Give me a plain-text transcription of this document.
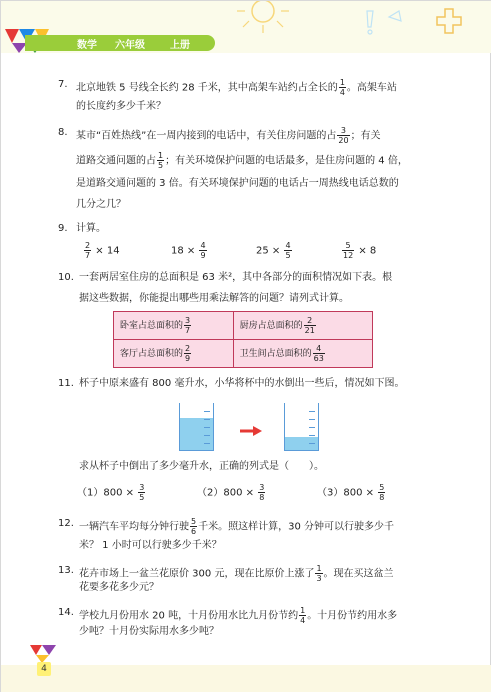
数学 六年级	上册
7. 北京地铁 5 号线全长约 28 千米，其中高架车站约占全长的 $\frac{1}{4}$ 。高架车站
的长度约多少千米？
8. 某市“百姓热线”在一周内接到的电话中，有关住房问题的占 $\frac{3}{20}$ ；有关
道路交通问题的占 $\frac{1}{5}$ ；有关环境保护问题的电话最多，是住房问题的 4 倍，
是道路交通问题的 3 倍。有关环境保护问题的电话占一周热线电话总数的
几分之几？
9. 计算。
$\frac{2}{7} \times 14$	$18 \times \frac{4}{9}$	$25 \times \frac{4}{5}$	$\frac{5}{12} \times 8$
10. 一套两居室住房的总面积是 63 米²，其中各部分的面积情况如下表。根
据这些数据，你能提出哪些用乘法解答的问题？请列式计算。
卧室占总面积的 $\frac{3}{7}$	厨房占总面积的 $\frac{2}{21}$

客厅占总面积的 $\frac{2}{9}$	卫生间占总面积的 $\frac{4}{63}$
11. 杯子中原来盛有 800 毫升水，小华将杯中的水倒出一些后，情况如下图。
求从杯子中倒出了多少毫升水，正确的列式是（　　）。
$(1)800 \times \frac{3}{5}$	$(2)800 \times \frac{3}{8}$	$(3)800 \times \frac{5}{8}$
12. 一辆汽车平均每分钟行驶 $\frac{5}{6}$ 千米。照这样计算，30 分钟可以行驶多少千
米？ 1 小时可以行驶多少千米？
13. 花卉市场上一盆兰花原价 300 元，现在比原价上涨了 $\frac{1}{3}$ 。现在买这盆兰
花要多花多少元？
14. 学校九月份用水 20 吨，十月份用水比九月份节约 $\frac{1}{4}$ 。十月份节约用水多
少吨？十月份实际用水多少吨？
4
